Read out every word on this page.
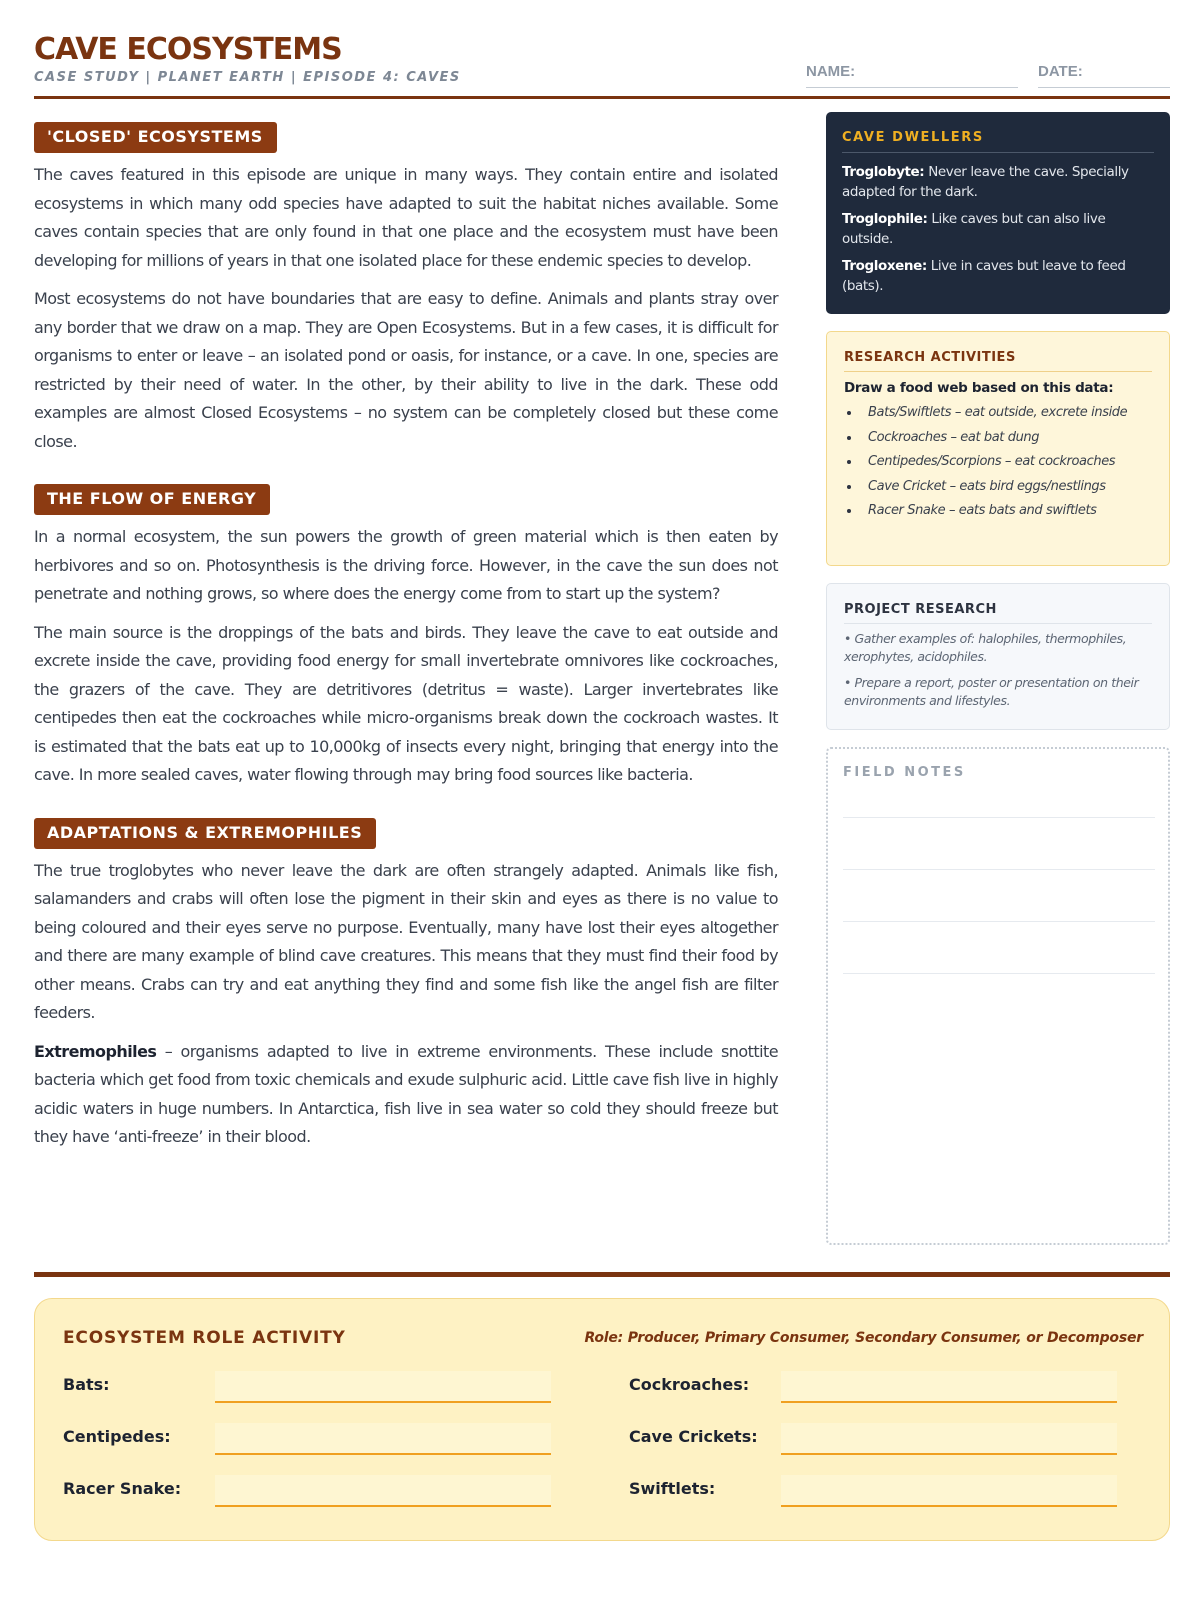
CAVE ECOSYSTEMS
CASE STUDY | PLANET EARTH | EPISODE 4: CAVES	NAME:	DATE:
'CLOSED' ECOSYSTEMS

The caves featured in this episode are unique in many ways. They contain entire and isolated ecosystems in which many odd species have adapted to suit the habitat niches available. Some caves contain species that are only found in that one place and the ecosystem must have been developing for millions of years in that one isolated place for these endemic species to develop.

Most ecosystems do not have boundaries that are easy to define. Animals and plants stray over any border that we draw on a map. They are Open Ecosystems. But in a few cases, it is difficult for organisms to enter or leave – an isolated pond or oasis, for instance, or a cave. In one, species are restricted by their need of water. In the other, by their ability to live in the dark. These odd examples are almost Closed Ecosystems – no system can be completely closed but these come close.

THE FLOW OF ENERGY

In a normal ecosystem, the sun powers the growth of green material which is then eaten by herbivores and so on. Photosynthesis is the driving force. However, in the cave the sun does not penetrate and nothing grows, so where does the energy come from to start up the system?

The main source is the droppings of the bats and birds. They leave the cave to eat outside and excrete inside the cave, providing food energy for small invertebrate omnivores like cockroaches, the grazers of the cave. They are detritivores (detritus = waste). Larger invertebrates like centipedes then eat the cockroaches while micro-organisms break down the cockroach wastes. It is estimated that the bats eat up to 10,000kg of insects every night, bringing that energy into the cave. In more sealed caves, water flowing through may bring food sources like bacteria.

ADAPTATIONS & EXTREMOPHILES

The true troglobytes who never leave the dark are often strangely adapted. Animals like fish, salamanders and crabs will often lose the pigment in their skin and eyes as there is no value to being coloured and their eyes serve no purpose. Eventually, many have lost their eyes altogether and there are many example of blind cave creatures. This means that they must find their food by other means. Crabs can try and eat anything they find and some fish like the angel fish are filter feeders.

Extremophiles – organisms adapted to live in extreme environments. These include snottite bacteria which get food from toxic chemicals and exude sulphuric acid. Little cave fish live in highly acidic waters in huge numbers. In Antarctica, fish live in sea water so cold they should freeze but they have ‘anti-freeze’ in their blood.

CAVE DWELLERS
Troglobyte: Never leave the cave. Specially adapted for the dark.
Troglophile: Like caves but can also live outside.
Trogloxene: Live in caves but leave to feed (bats).
RESEARCH ACTIVITIES
Draw a food web based on this data:
Bats/Swiftlets – eat outside, excrete inside
Cockroaches – eat bat dung
Centipedes/Scorpions – eat cockroaches
Cave Cricket – eats bird eggs/nestlings
Racer Snake – eats bats and swiftlets
PROJECT RESEARCH
• Gather examples of: halophiles, thermophiles, xerophytes, acidophiles.
• Prepare a report, poster or presentation on their environments and lifestyles.
FIELD NOTES
ECOSYSTEM ROLE ACTIVITY	Role: Producer, Primary Consumer, Secondary Consumer, or Decomposer
Bats:	Cockroaches:
Centipedes:	Cave Crickets:
Racer Snake:	Swiftlets:
